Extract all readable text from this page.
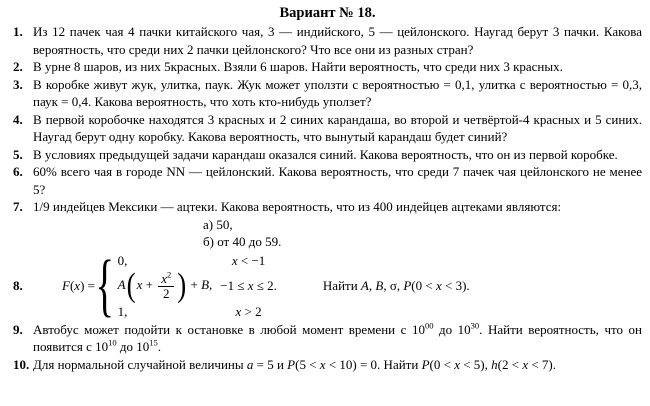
Вариант № 18.
1. Из 12 пачек чая 4 пачки китайского чая, 3 — индийского, 5 — цейлонского. Наугад берут 3 пачки. Какова вероятность, что среди них 2 пачки цейлонского? Что все они из разных стран?
2. В урне 8 шаров, из них 5красных. Взяли 6 шаров. Найти вероятность, что среди них 3 красных.
3. В коробке живут жук, улитка, паук. Жук может уползти с вероятностью = 0,1, улитка с вероятностью = 0,3, паук = 0,4. Какова вероятность, что хоть кто-нибудь уползет?
4. В первой коробочке находятся 3 красных и 2 синих карандаша, во второй и четвёртой-4 красных и 5 синих. Наугад берут одну коробку. Какова вероятность, что вынутый карандаш будет синий?
5. В условиях предыдущей задачи карандаш оказался синий. Какова вероятность, что он из первой коробке.
6. 60% всего чая в городе NN — цейлонский. Какова вероятность, что среди 7 пачек чая цейлонского не менее 5?
7. 1/9 индейцев Мексики — ацтеки. Какова вероятность, что из 400 индейцев ацтеками являются:
а) 50,
б) от 40 до 59.
8.	F(x) = { 0,	x < −1
$A(x + \frac{x^2}{2}$ ) + B, −1 ≤ x ≤ 2.
1,	x > 2
Найти A, B, σ, P(0 < x < 3).
9. Автобус может подойти к остановке в любой момент времени с $10^{00}$ до $10^{30}$. Найти вероятность, что он появится с $10^{10}$ до $10^{15}$.
10. Для нормальной случайной величины a = 5 и P(5 < x < 10) = 0. Найти P(0 < x < 5), h(2 < x < 7).
